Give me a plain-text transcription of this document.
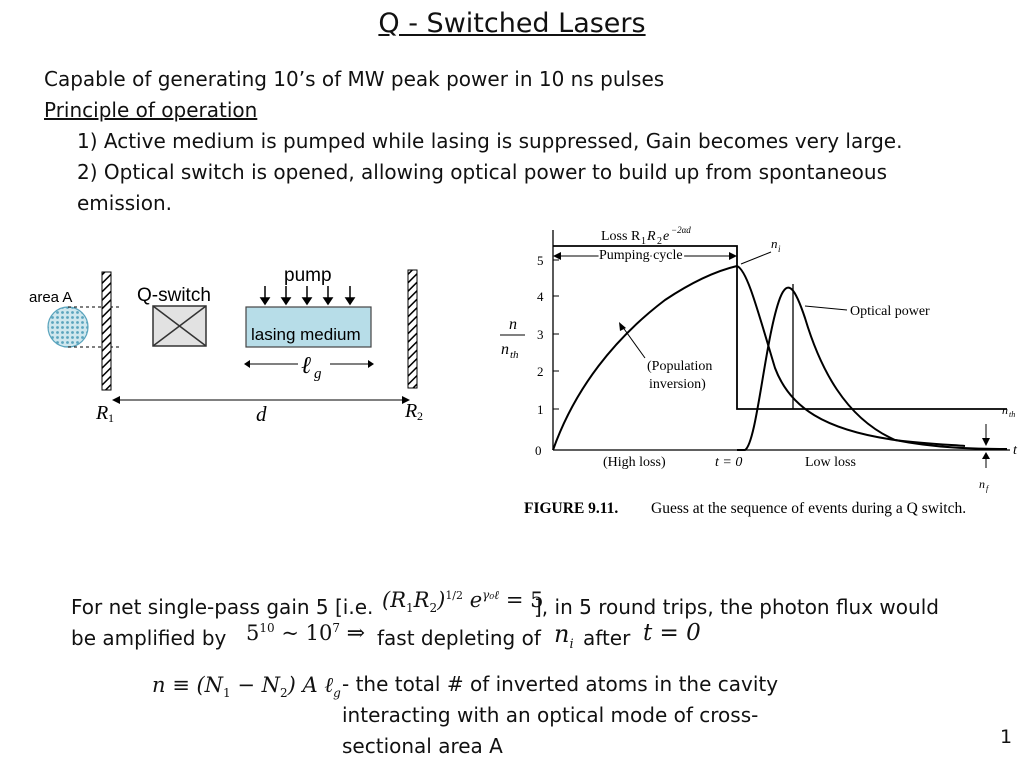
Q - Switched Lasers
Capable of generating 10’s of MW peak power in 10 ns pulses
Principle of operation
1) Active medium is pumped while lasing is suppressed, Gain becomes very large.
2) Optical switch is opened, allowing optical power to build up from spontaneous
emission.
area A	Q-switch
pump
lasing medium
ℓ g
R 1	R 2
d
0
1
2
3
4
5
n
n th
Loss R 1 R 2 e −2αd
Pumping cycle
n i
Optical power
(Population
inversion)
n th
t
n f
(High loss)	t = 0	Low loss
FIGURE 9.11. Guess at the sequence of events during a Q switch.
For net single-pass gain 5 [i.e. $(R_1R_2)^{1/2}$ $e^{\gamma_0\ell} = 5$
], in 5 round trips, the photon flux would
be amplified by $5^{10}$ ~ $10^7$ ⇒ fast depleting of $n_i$ after t = 0
$n \equiv (N_1 - N_2)$ A ℓ$_g$ - the total # of inverted atoms in the cavity
interacting with an optical mode of cross-
sectional area A	1
